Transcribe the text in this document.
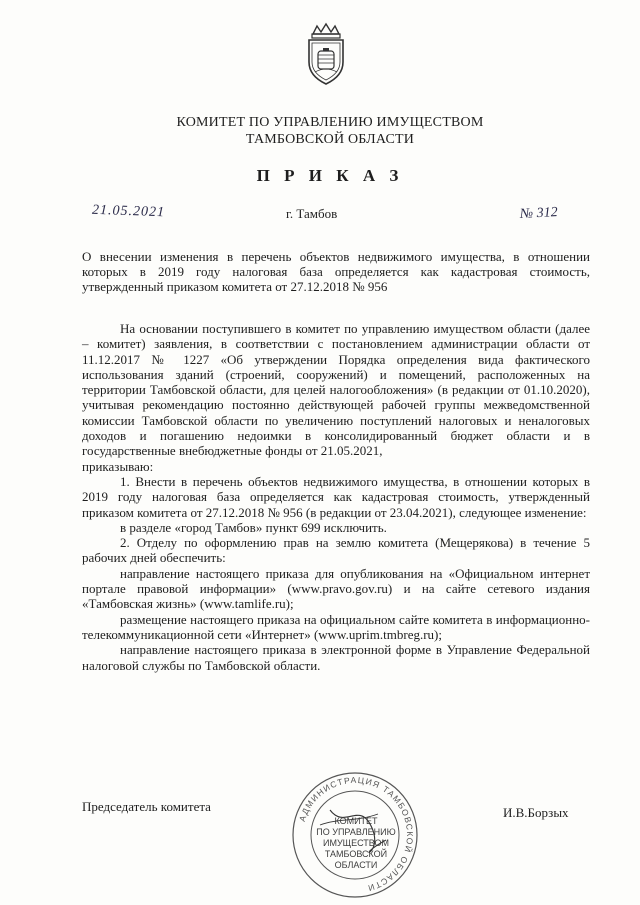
КОМИТЕТ ПО УПРАВЛЕНИЮ ИМУЩЕСТВОМ
ТАМБОВСКОЙ ОБЛАСТИ
П Р И К А З
21.05.2021	г. Тамбов	№ 312
О внесении изменения в перечень объектов недвижимого имущества, в отношении которых в 2019 году налоговая база определяется как кадастровая стоимость, утвержденный приказом комитета от 27.12.2018 № 956

На основании поступившего в комитет по управлению имуществом области (далее – комитет) заявления, в соответствии с постановлением администрации области от 11.12.2017 № 1227 «Об утверждении Порядка определения вида фактического использования зданий (строений, сооружений) и помещений, расположенных на территории Тамбовской области, для целей налогообложения» (в редакции от 01.10.2020), учитывая рекомендацию постоянно действующей рабочей группы межведомственной комиссии Тамбовской области по увеличению поступлений налоговых и неналоговых доходов и погашению недоимки в консолидированный бюджет области и в государственные внебюджетные фонды от 21.05.2021,

приказываю:

1. Внести в перечень объектов недвижимого имущества, в отношении которых в 2019 году налоговая база определяется как кадастровая стоимость, утвержденный приказом комитета от 27.12.2018 № 956 (в редакции от 23.04.2021), следующее изменение:

в разделе «город Тамбов» пункт 699 исключить.

2. Отделу по оформлению прав на землю комитета (Мещерякова) в течение 5 рабочих дней обеспечить:

направление настоящего приказа для опубликования на «Официальном интернет портале правовой информации» (www.pravo.gov.ru) и на сайте сетевого издания «Тамбовская жизнь» (www.tamlife.ru);

размещение настоящего приказа на официальном сайте комитета в информационно-телекоммуникационной сети «Интернет» (www.uprim.tmbreg.ru);

направление настоящего приказа в электронной форме в Управление Федеральной налоговой службы по Тамбовской области.

Председатель комитета	И.В.Борзых
АДМИНИСТРАЦИЯ ТАМБОВСКОЙ ОБЛАСТИ
КОМИТЕТ
ПО УПРАВЛЕНИЮ
ИМУЩЕСТВОМ
ТАМБОВСКОЙ
ОБЛАСТИ
